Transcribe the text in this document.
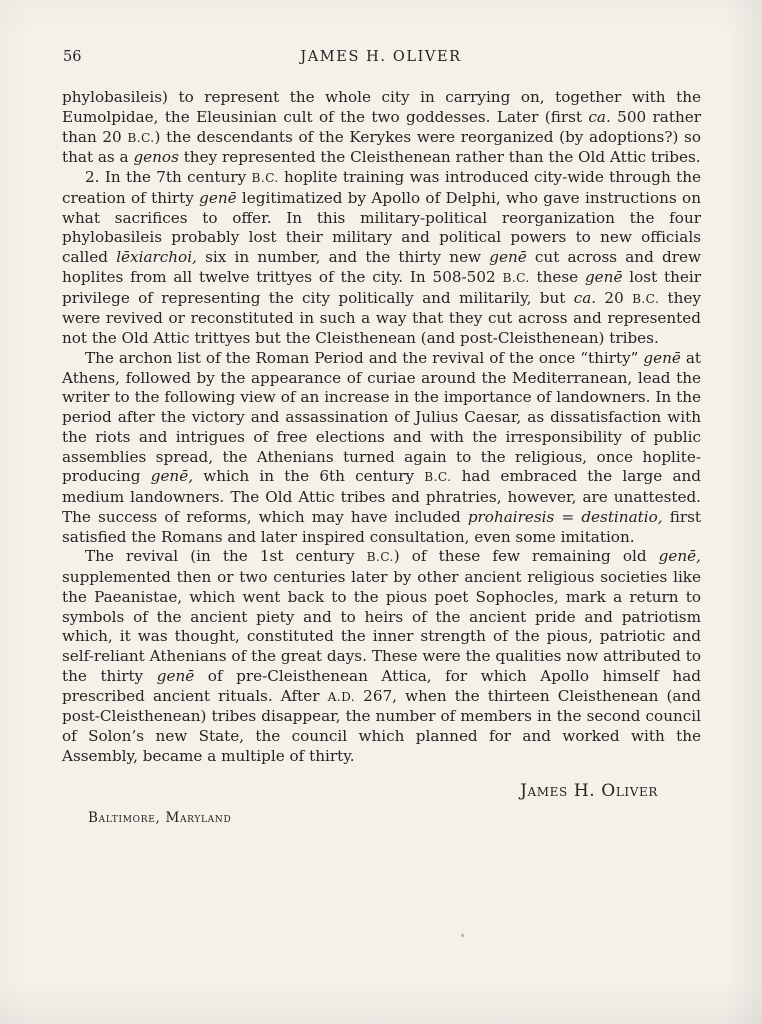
56	JAMES H. OLIVER

phylobasileis) to represent the whole city in carrying on, together with the Eumolpidae, the Eleusinian cult of the two goddesses. Later (first ca. 500 rather than 20 B.C.) the descendants of the Kerykes were reorganized (by adoptions?) so that as a genos they represented the Cleisthenean rather than the Old Attic tribes.

2. In the 7th century B.C. hoplite training was introduced city-wide through the creation of thirty genē legitimatized by Apollo of Delphi, who gave instructions on what sacrifices to offer. In this military-political reorganization the four phylobasileis probably lost their military and political powers to new officials called lēxiarchoi, six in number, and the thirty new genē cut across and drew hoplites from all twelve trittyes of the city. In 508-502 B.C. these genē lost their privilege of representing the city politically and militarily, but ca. 20 B.C. they were revived or reconstituted in such a way that they cut across and represented not the Old Attic trittyes but the Cleisthenean (and post-Cleisthenean) tribes.

The archon list of the Roman Period and the revival of the once “thirty” genē at Athens, followed by the appearance of curiae around the Mediterranean, lead the writer to the following view of an increase in the importance of landowners. In the period after the victory and assassination of Julius Caesar, as dissatisfaction with the riots and intrigues of free elections and with the irresponsibility of public assemblies spread, the Athenians turned again to the religious, once hoplite-producing genē, which in the 6th century B.C. had embraced the large and medium landowners. The Old Attic tribes and phratries, however, are unattested. The success of reforms, which may have included prohairesis = destinatio, first satisfied the Romans and later inspired consultation, even some imitation.

The revival (in the 1st century B.C.) of these few remaining old genē, supplemented then or two centuries later by other ancient religious societies like the Paeanistae, which went back to the pious poet Sophocles, mark a return to symbols of the ancient piety and to heirs of the ancient pride and patriotism which, it was thought, constituted the inner strength of the pious, patriotic and self-reliant Athenians of the great days. These were the qualities now attributed to the thirty genē of pre-Cleisthenean Attica, for which Apollo himself had prescribed ancient rituals. After A.D. 267, when the thirteen Cleisthenean (and post-Cleisthenean) tribes disappear, the number of members in the second council of Solon’s new State, the council which planned for and worked with the Assembly, became a multiple of thirty.

James H. Oliver
Baltimore, Maryland
